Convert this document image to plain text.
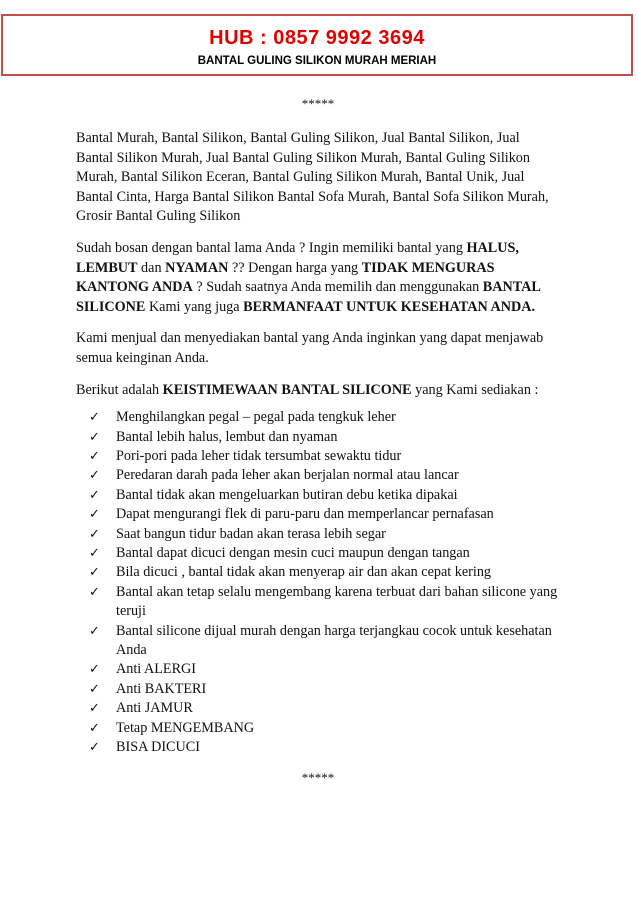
HUB : 0857 9992 3694
BANTAL GULING SILIKON MURAH MERIAH
*****

Bantal Murah, Bantal Silikon, Bantal Guling Silikon, Jual Bantal Silikon, Jual Bantal Silikon Murah, Jual Bantal Guling Silikon Murah, Bantal Guling Silikon Murah, Bantal Silikon Eceran, Bantal Guling Silikon Murah, Bantal Unik, Jual Bantal Cinta, Harga Bantal Silikon Bantal Sofa Murah, Bantal Sofa Silikon Murah, Grosir Bantal Guling Silikon

Sudah bosan dengan bantal lama Anda ? Ingin memiliki bantal yang HALUS, LEMBUT dan NYAMAN ?? Dengan harga yang TIDAK MENGURAS KANTONG ANDA ? Sudah saatnya Anda memilih dan menggunakan BANTAL SILICONE Kami yang juga BERMANFAAT UNTUK KESEHATAN ANDA.

Kami menjual dan menyediakan bantal yang Anda inginkan yang dapat menjawab semua keinginan Anda.

Berikut adalah KEISTIMEWAAN BANTAL SILICONE yang Kami sediakan :

✓ Menghilangkan pegal – pegal pada tengkuk leher
✓ Bantal lebih halus, lembut dan nyaman
✓ Pori-pori pada leher tidak tersumbat sewaktu tidur
✓ Peredaran darah pada leher akan berjalan normal atau lancar
✓ Bantal tidak akan mengeluarkan butiran debu ketika dipakai
✓ Dapat mengurangi flek di paru-paru dan memperlancar pernafasan
✓ Saat bangun tidur badan akan terasa lebih segar
✓ Bantal dapat dicuci dengan mesin cuci maupun dengan tangan
✓ Bila dicuci , bantal tidak akan menyerap air dan akan cepat kering
✓ Bantal akan tetap selalu mengembang karena terbuat dari bahan silicone yang teruji
✓ Bantal silicone dijual murah dengan harga terjangkau cocok untuk kesehatan Anda
✓ Anti ALERGI
✓ Anti BAKTERI
✓ Anti JAMUR
✓ Tetap MENGEMBANG
✓ BISA DICUCI
*****
